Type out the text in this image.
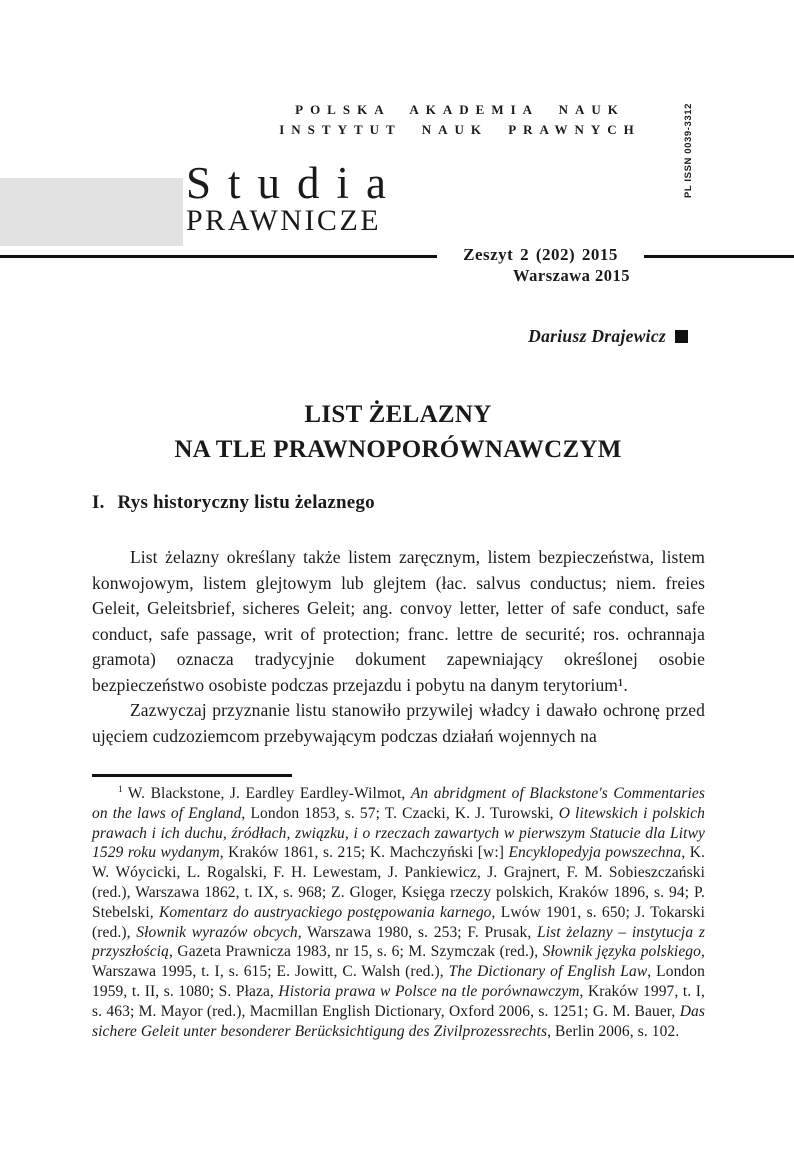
POLSKA AKADEMIA NAUK
INSTYTUT NAUK PRAWNYCH	PL ISSN 0039-3312
Studia
PRAWNICZE
Zeszyt 2 (202) 2015
Warszawa 2015
Dariusz Drajewicz
LIST ŻELAZNY
NA TLE PRAWNOPORÓWNAWCZYM
I. Rys historyczny listu żelaznego

List żelazny określany także listem zaręcznym, listem bezpieczeństwa, listem konwojowym, listem glejtowym lub glejtem (łac. salvus conductus; niem. freies Geleit, Geleitsbrief, sicheres Geleit; ang. convoy letter, letter of safe conduct, safe conduct, safe passage, writ of protection; franc. lettre de securité; ros. ochrannaja gramota) oznacza tradycyjnie dokument zapewniający określonej osobie bezpieczeństwo osobiste podczas przejazdu i pobytu na danym terytorium¹.

Zazwyczaj przyznanie listu stanowiło przywilej władcy i dawało ochronę przed ujęciem cudzoziemcom przebywającym podczas działań wojennych na

$^1$ W. Blackstone, J. Eardley Eardley-Wilmot, An abridgment of Blackstone's Commentaries on the laws of England, London 1853, s. 57; T. Czacki, K. J. Turowski, O litewskich i polskich prawach i ich duchu, źródłach, związku, i o rzeczach zawartych w pierwszym Statucie dla Litwy 1529 roku wydanym, Kraków 1861, s. 215; K. Machczyński [w:] Encyklopedyja powszechna, K. W. Wóycicki, L. Rogalski, F. H. Lewestam, J. Pankiewicz, J. Grajnert, F. M. Sobieszczański (red.), Warszawa 1862, t. IX, s. 968; Z. Gloger, Księga rzeczy polskich, Kraków 1896, s. 94; P. Stebelski, Komentarz do austryackiego postępowania karnego, Lwów 1901, s. 650; J. Tokarski (red.), Słownik wyrazów obcych, Warszawa 1980, s. 253; F. Prusak, List żelazny – instytucja z przyszłością, Gazeta Prawnicza 1983, nr 15, s. 6; M. Szymczak (red.), Słownik języka polskiego, Warszawa 1995, t. I, s. 615; E. Jowitt, C. Walsh (red.), The Dictionary of English Law, London 1959, t. II, s. 1080; S. Płaza, Historia prawa w Polsce na tle porównawczym, Kraków 1997, t. I, s. 463; M. Mayor (red.), Macmillan English Dictionary, Oxford 2006, s. 1251; G. M. Bauer, Das sichere Geleit unter besonderer Berücksichtigung des Zivilprozessrechts, Berlin 2006, s. 102.
